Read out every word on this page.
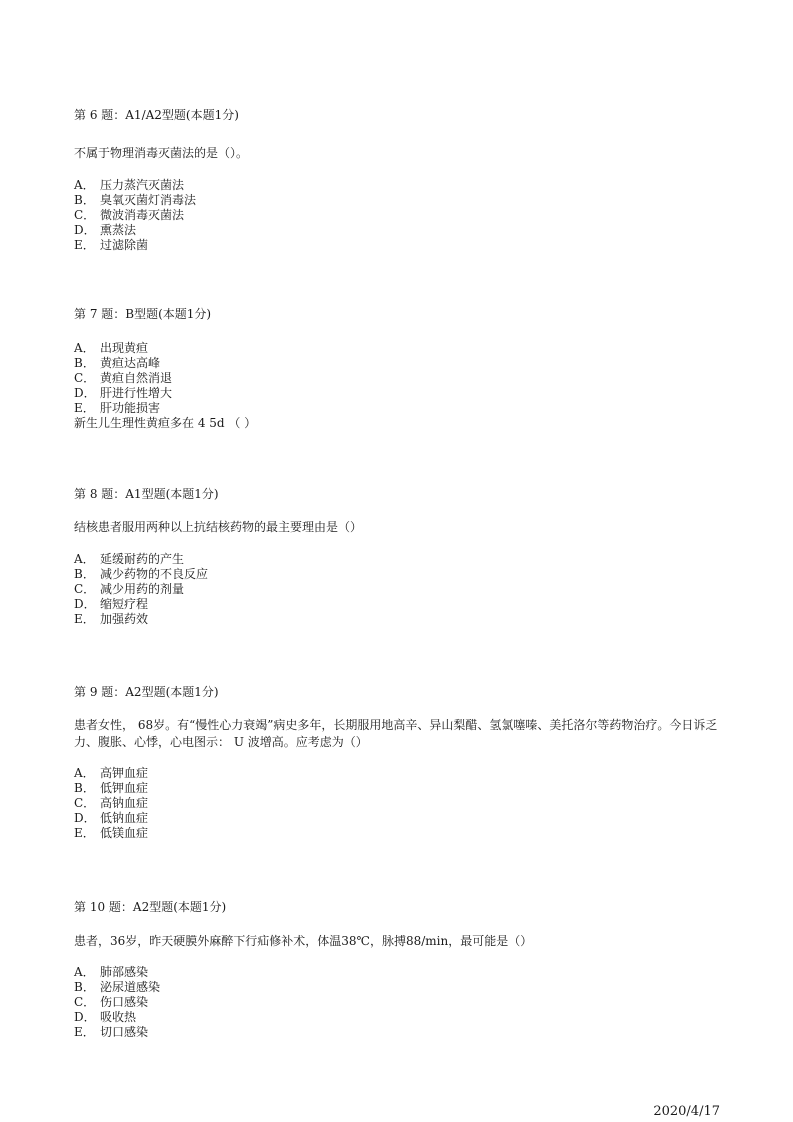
第 6 题：A1/A2型题(本题1分)

不属于物理消毒灭菌法的是（）。

A． 压力蒸汽灭菌法
B． 臭氧灭菌灯消毒法
C． 微波消毒灭菌法
D． 熏蒸法
E． 过滤除菌

第 7 题：B型题(本题1分)

A． 出现黄疸
B． 黄疸达高峰
C． 黄疸自然消退
D． 肝进行性增大
E． 肝功能损害
新生儿生理性黄疸多在 4 5d （ ）

第 8 题：A1型题(本题1分)

结核患者服用两种以上抗结核药物的最主要理由是（）

A． 延缓耐药的产生
B． 减少药物的不良反应
C． 减少用药的剂量
D． 缩短疗程
E． 加强药效

第 9 题：A2型题(本题1分)

患者女性， 68岁。有“慢性心力衰竭”病史多年，长期服用地高辛、异山梨醋、氢氯噻嗪、美托洛尔等药物治疗。今日诉乏力、腹胀、心悸，心电图示： U 波增高。应考虑为（）

A． 高钾血症
B． 低钾血症
C． 高钠血症
D． 低钠血症
E． 低镁血症

第 10 题：A2型题(本题1分)

患者，36岁，昨天硬膜外麻醉下行疝修补术，体温38℃，脉搏88/min，最可能是（）

A． 肺部感染
B． 泌尿道感染
C． 伤口感染
D． 吸收热
E． 切口感染
2020/4/17
